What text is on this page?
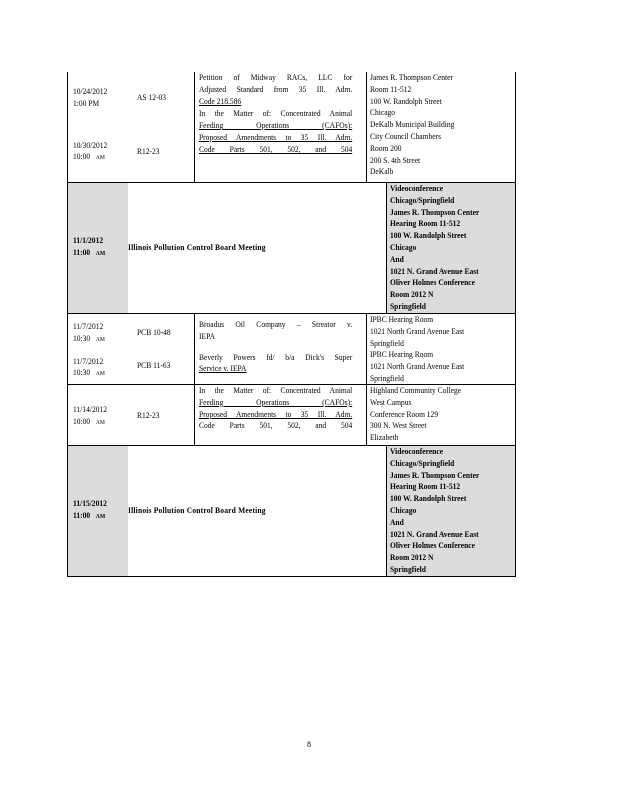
10/24/2012
1:00 PM
10/30/2012
10:00 AM
AS 12-03
R12-23
Petition of Midway RACs, LLC for
Adjusted Standard from 35 Ill. Adm.
Code 218.586
In the Matter of: Concentrated Animal
Feeding Operations (CAFOs):
Proposed Amendments to 35 Ill. Adm.
Code Parts 501, 502, and 504
James R. Thompson Center
Room 11-512
100 W. Randolph Street
Chicago
DeKalb Municipal Building
City Council Chambers
Room 200
200 S. 4th Street
DeKalb
11/1/2012
11:00 AM
Illinois Pollution Control Board Meeting
Videoconference
Chicago/Springfield
James R. Thompson Center
Hearing Room 11-512
100 W. Randolph Street
Chicago
And
1021 N. Grand Avenue East
Oliver Holmes Conference
Room 2012 N
Springfield
11/7/2012
10:30 AM
11/7/2012
10:30 AM
PCB 10-48
PCB 11-63
Broadus Oil Company – Streator v.
IEPA
Beverly Powers fd/ b/a Dick's Super
Service v. IEPA
IPBC Hearing Room
1021 North Grand Avenue East
Springfield
IPBC Hearing Room
1021 North Grand Avenue East
Springfield
11/14/2012
10:00 AM
R12-23
In the Matter of: Concentrated Animal
Feeding Operations (CAFOs):
Proposed Amendments to 35 Ill. Adm.
Code Parts 501, 502, and 504
Highland Community College
West Campus
Conference Room 129
300 N. West Street
Elizabeth
11/15/2012
11:00 AM
Illinois Pollution Control Board Meeting
Videoconference
Chicago/Springfield
James R. Thompson Center
Hearing Room 11-512
100 W. Randolph Street
Chicago
And
1021 N. Grand Avenue East
Oliver Holmes Conference
Room 2012 N
Springfield
8
